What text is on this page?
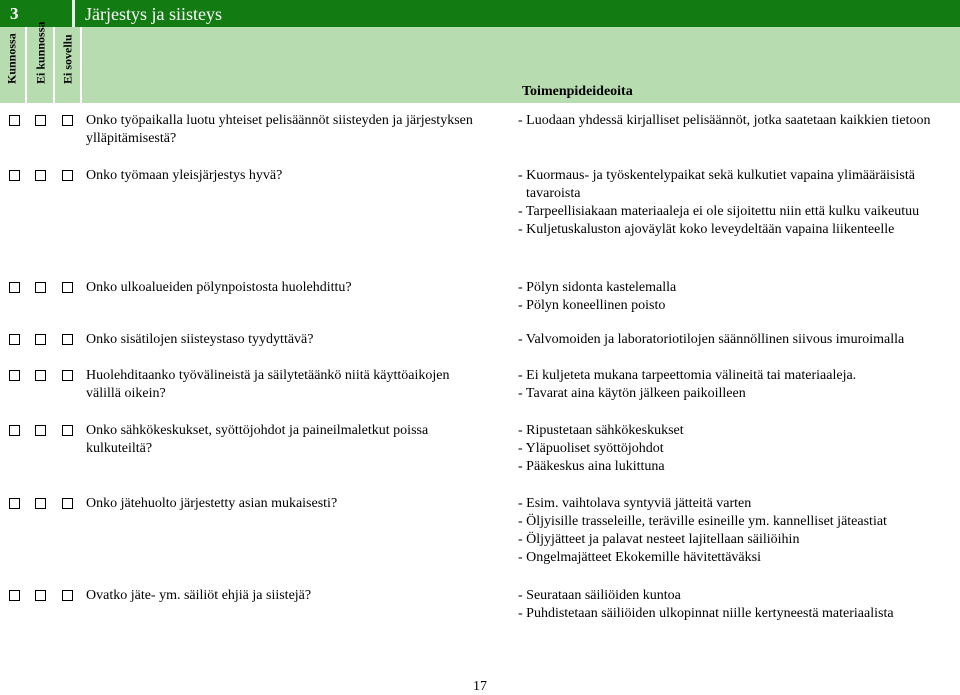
3	Järjestys ja siisteys
Kunnossa Ei kunnossa Ei sovellu
Toimenpideideoita
Onko työpaikalla luotu yhteiset pelisäännöt siisteyden ja järjestyksen ylläpitämisestä?
- Luodaan yhdessä kirjalliset pelisäännöt, jotka saatetaan kaikkien tietoon
Onko työmaan yleisjärjestys hyvä?	- Kuormaus- ja työskentelypaikat sekä kulkutiet vapaina ylimääräisistä tavaroista
- Tarpeellisiakaan materiaaleja ei ole sijoitettu niin että kulku vaikeutuu
- Kuljetuskaluston ajoväylät koko leveydeltään vapaina liikenteelle
Onko ulkoalueiden pölynpoistosta huolehdittu?	- Pölyn sidonta kastelemalla
- Pölyn koneellinen poisto
Onko sisätilojen siisteystaso tyydyttävä?	- Valvomoiden ja laboratoriotilojen säännöllinen siivous imuroimalla
Huolehditaanko työvälineistä ja säilytetäänkö niitä käyttöaikojen välillä oikein?
- Ei kuljeteta mukana tarpeettomia välineitä tai materiaaleja.
- Tavarat aina käytön jälkeen paikoilleen
Onko sähkökeskukset, syöttöjohdot ja paineilmaletkut poissa kulkuteiltä?
- Ripustetaan sähkökeskukset
- Yläpuoliset syöttöjohdot
- Pääkeskus aina lukittuna
Onko jätehuolto järjestetty asian mukaisesti?	- Esim. vaihtolava syntyviä jätteitä varten
- Öljyisille trasseleille, teräville esineille ym. kannelliset jäteastiat
- Öljyjätteet ja palavat nesteet lajitellaan säiliöihin
- Ongelmajätteet Ekokemille hävitettäväksi
Ovatko jäte- ym. säiliöt ehjiä ja siistejä?	- Seurataan säiliöiden kuntoa
- Puhdistetaan säiliöiden ulkopinnat niille kertyneestä materiaalista
17
